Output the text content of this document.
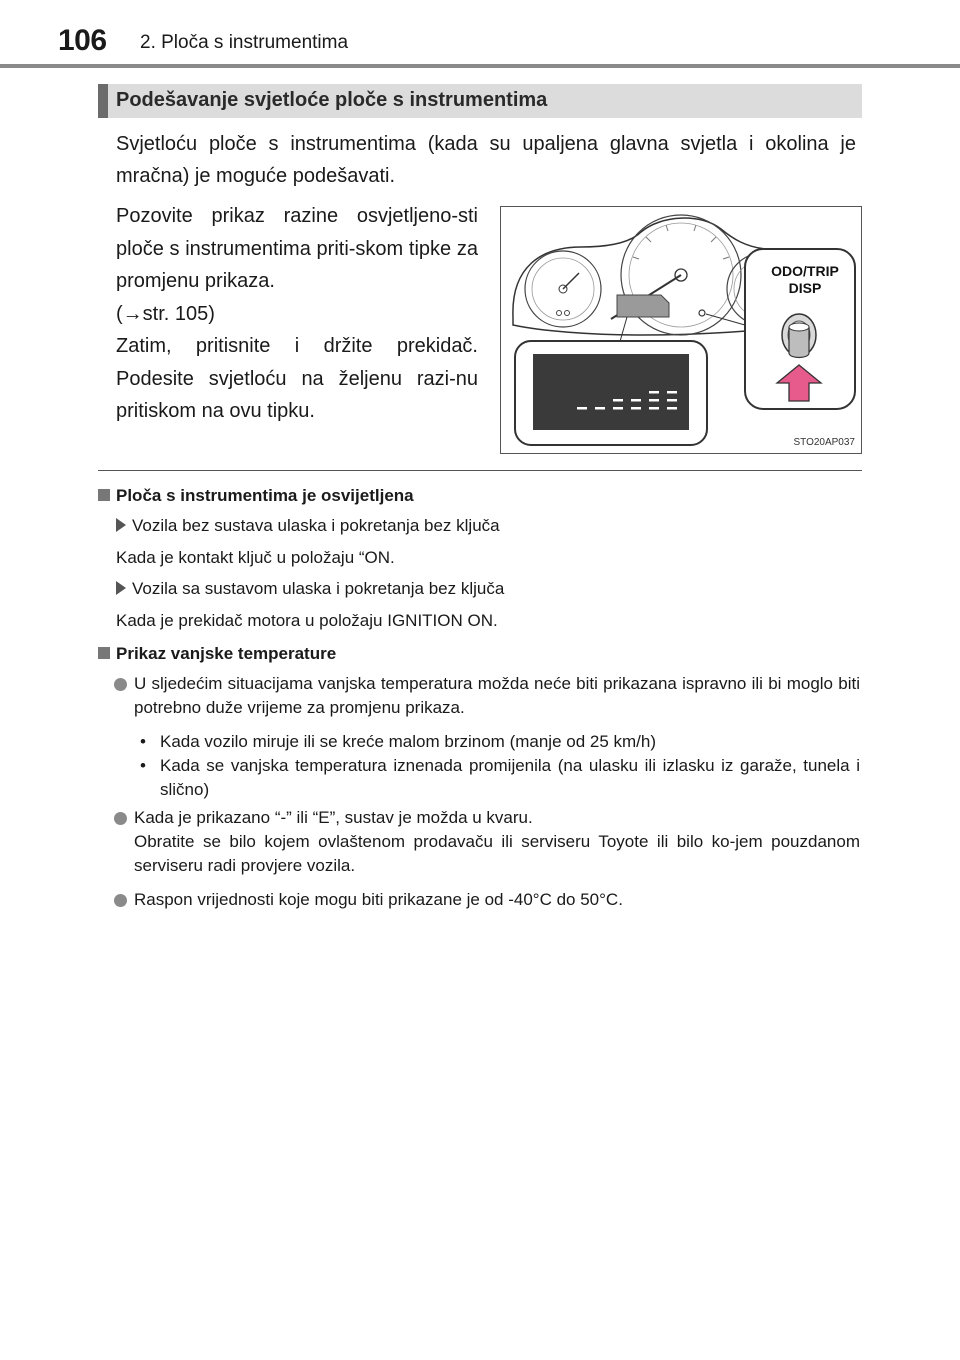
106 2. Ploča s instrumentima
Podešavanje svjetloće ploče s instrumentima
Svjetloću ploče s instrumentima (kada su upaljena glavna svjetla i okolina je mračna) je moguće podešavati.

Pozovite prikaz razine osvjetljeno-sti ploče s instrumentima priti-skom tipke za promjenu prikaza.

(→str. 105)

Zatim, pritisnite i držite prekidač. Podesite svjetloću na željenu razi-nu pritiskom na ovu tipku.

ODO/TRIP
DISP
STO20AP037
Ploča s instrumentima je osvijetljena
Vozila bez sustava ulaska i pokretanja bez ključa
Kada je kontakt ključ u položaju “ON.
Vozila sa sustavom ulaska i pokretanja bez ključa
Kada je prekidač motora u položaju IGNITION ON.
Prikaz vanjske temperature
U sljedećim situacijama vanjska temperatura možda neće biti prikazana ispravno ili bi moglo biti potrebno duže vrijeme za promjenu prikaza.
• Kada vozilo miruje ili se kreće malom brzinom (manje od 25 km/h)
• Kada se vanjska temperatura iznenada promijenila (na ulasku ili izlasku iz garaže, tunela i slično)
Kada je prikazano “-” ili “E”, sustav je možda u kvaru.
Obratite se bilo kojem ovlaštenom prodavaču ili serviseru Toyote ili bilo ko-jem pouzdanom serviseru radi provjere vozila.
Raspon vrijednosti koje mogu biti prikazane je od -40°C do 50°C.
